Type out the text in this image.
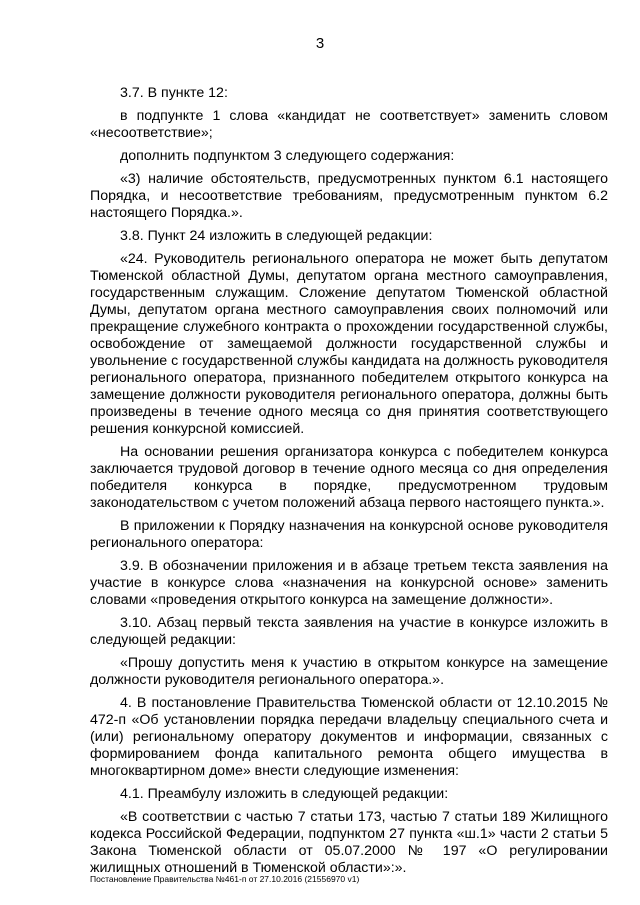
3

3.7. В пункте 12:

в подпункте 1 слова «кандидат не соответствует» заменить словом «несоответствие»;

дополнить подпунктом 3 следующего содержания:

«3) наличие обстоятельств, предусмотренных пунктом 6.1 настоящего Порядка, и несоответствие требованиям, предусмотренным пунктом 6.2 настоящего Порядка.».

3.8. Пункт 24 изложить в следующей редакции:

«24. Руководитель регионального оператора не может быть депутатом Тюменской областной Думы, депутатом органа местного самоуправления, государственным служащим. Сложение депутатом Тюменской областной Думы, депутатом органа местного самоуправления своих полномочий или прекращение служебного контракта о прохождении государственной службы, освобождение от замещаемой должности государственной службы и увольнение с государственной службы кандидата на должность руководителя регионального оператора, признанного победителем открытого конкурса на замещение должности руководителя регионального оператора, должны быть произведены в течение одного месяца со дня принятия соответствующего решения конкурсной комиссией.

На основании решения организатора конкурса с победителем конкурса заключается трудовой договор в течение одного месяца со дня определения победителя конкурса в порядке, предусмотренном трудовым законодательством с учетом положений абзаца первого настоящего пункта.».

В приложении к Порядку назначения на конкурсной основе руководителя регионального оператора:

3.9. В обозначении приложения и в абзаце третьем текста заявления на участие в конкурсе слова «назначения на конкурсной основе» заменить словами «проведения открытого конкурса на замещение должности».

3.10. Абзац первый текста заявления на участие в конкурсе изложить в следующей редакции:

«Прошу допустить меня к участию в открытом конкурсе на замещение должности руководителя регионального оператора.».

4. В постановление Правительства Тюменской области от 12.10.2015 № 472-п «Об установлении порядка передачи владельцу специального счета и (или) региональному оператору документов и информации, связанных с формированием фонда капитального ремонта общего имущества в многоквартирном доме» внести следующие изменения:

4.1. Преамбулу изложить в следующей редакции:

«В соответствии с частью 7 статьи 173, частью 7 статьи 189 Жилищного кодекса Российской Федерации, подпунктом 27 пункта «ш.1» части 2 статьи 5 Закона Тюменской области от 05.07.2000 № 197 «О регулировании жилищных отношений в Тюменской области»:».

Постановление Правительства №461-п от 27.10.2016 (21556970 v1)
